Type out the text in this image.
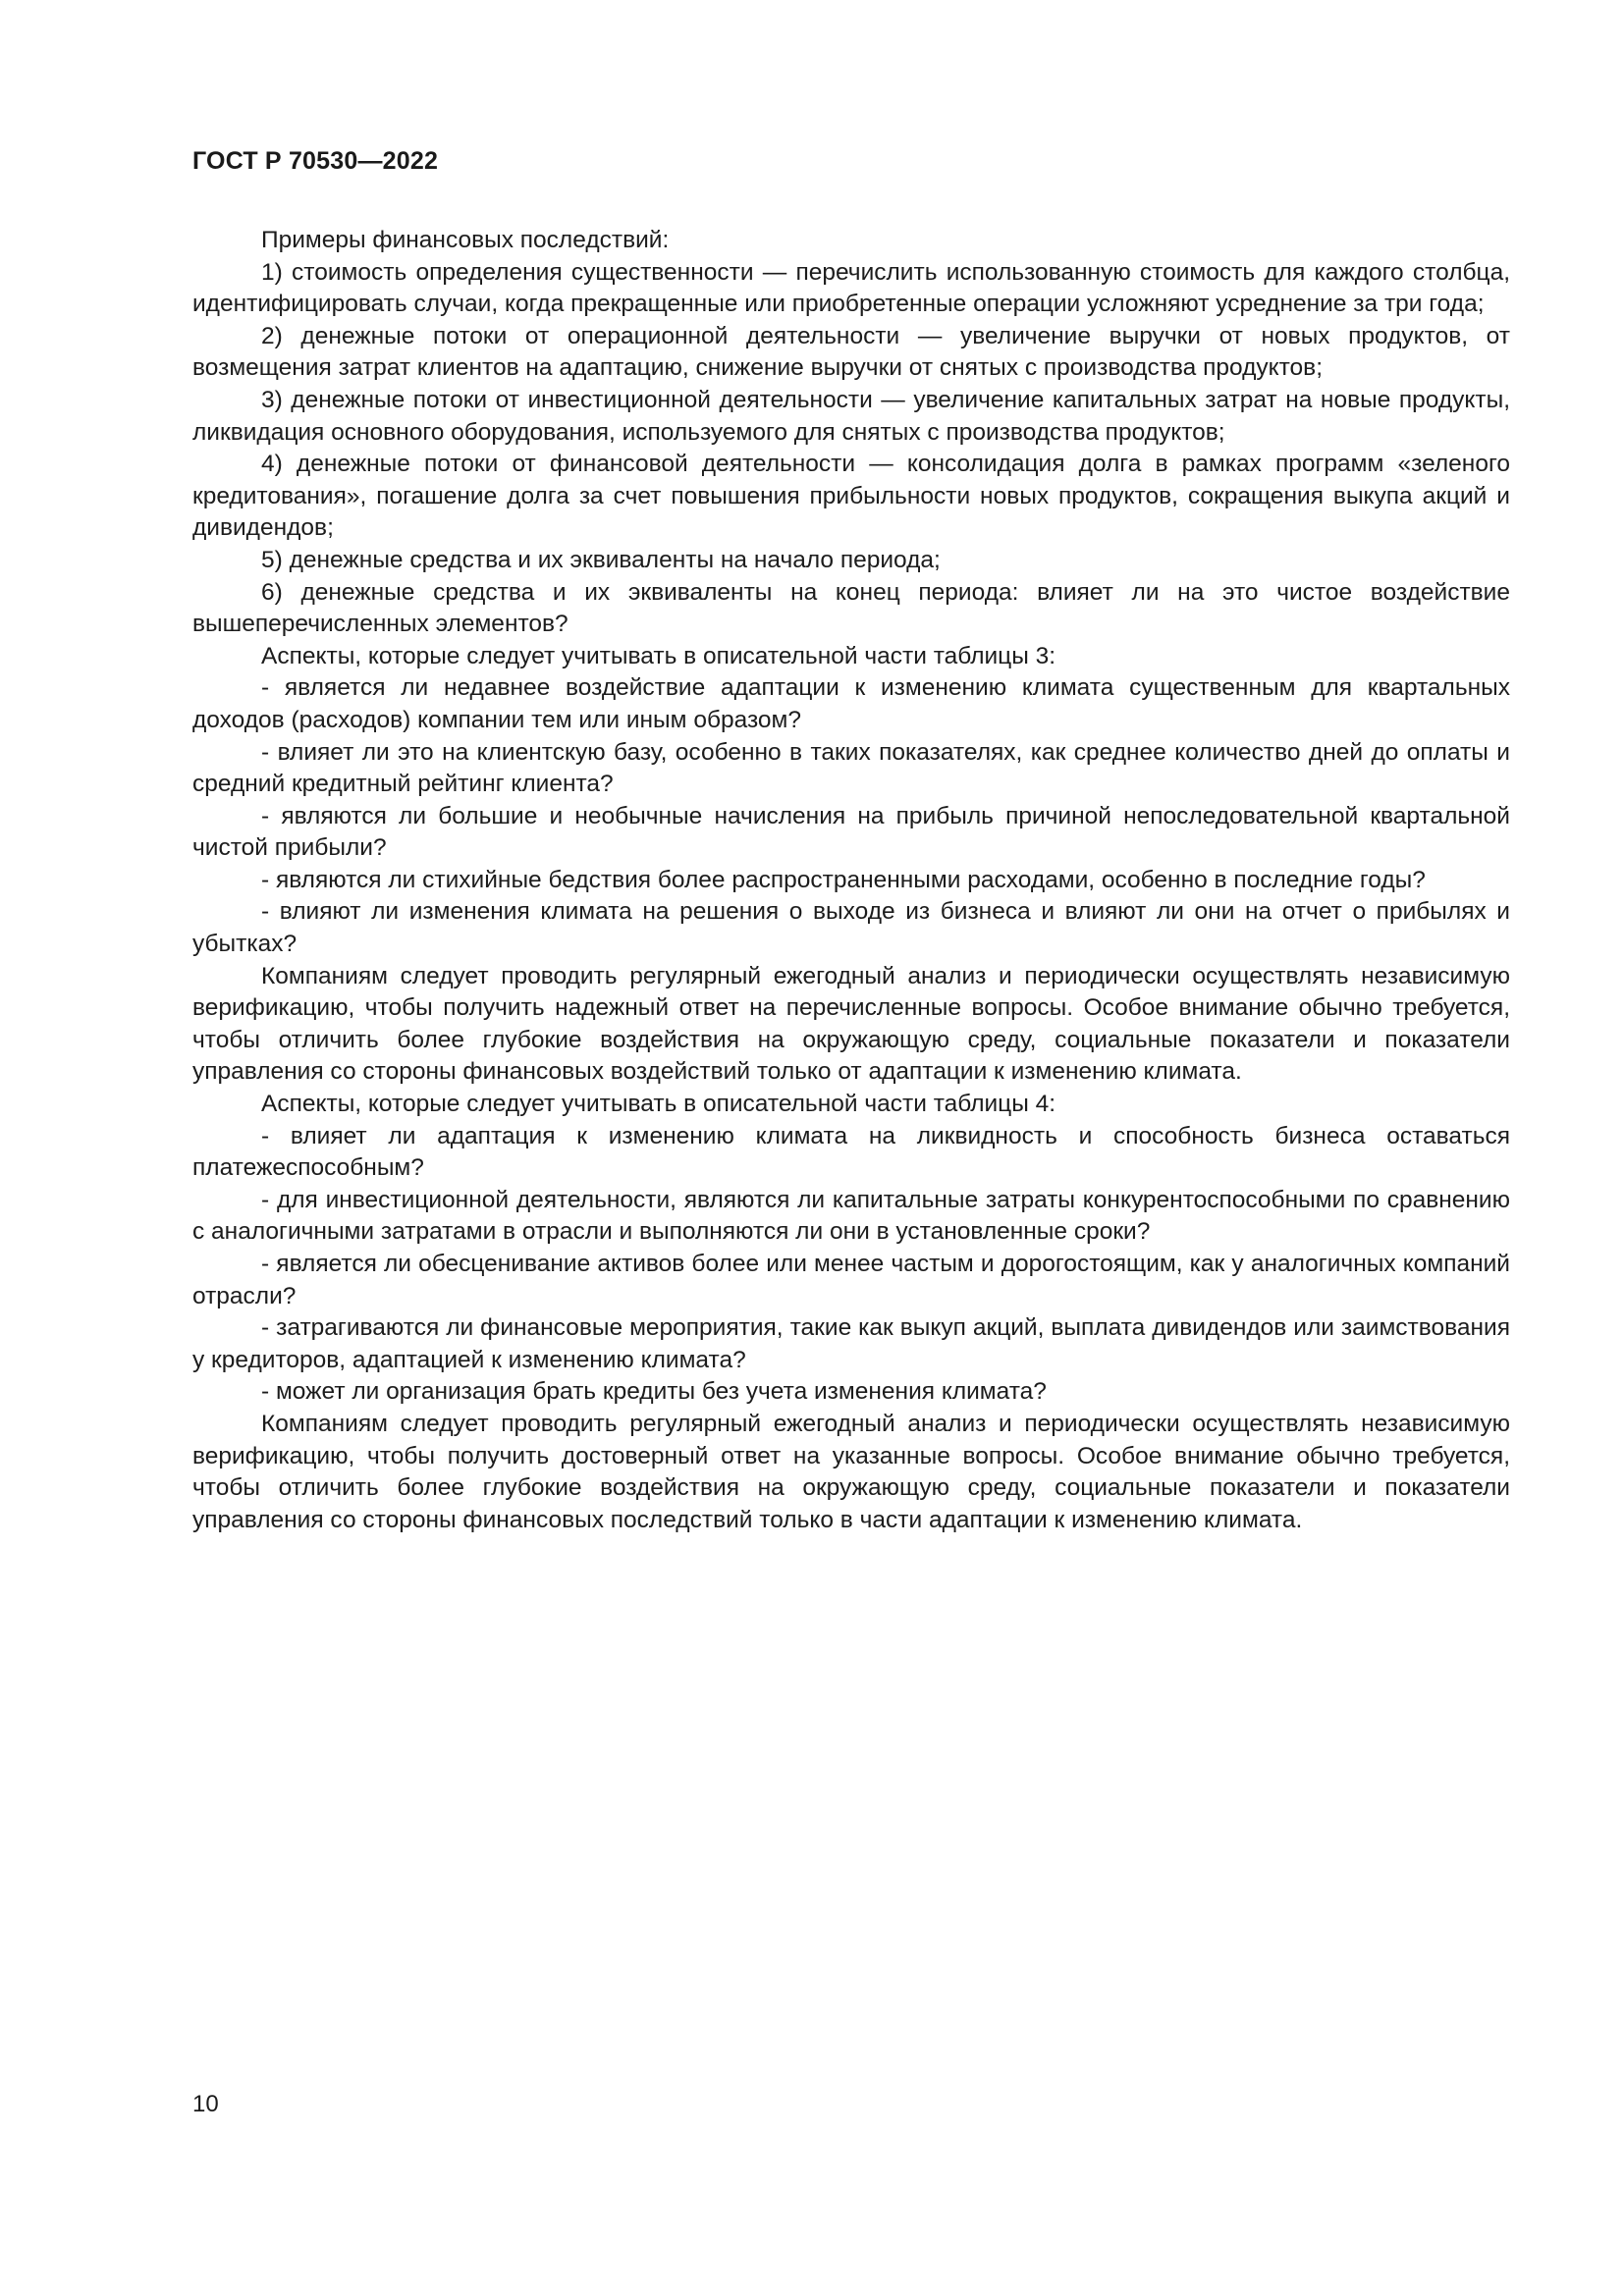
ГОСТ Р 70530—2022

Примеры финансовых последствий:

1) стоимость определения существенности — перечислить использованную стоимость для каждого столбца, идентифицировать случаи, когда прекращенные или приобретенные операции усложняют усреднение за три года;

2) денежные потоки от операционной деятельности — увеличение выручки от новых продуктов, от возмещения затрат клиентов на адаптацию, снижение выручки от снятых с производства продуктов;

3) денежные потоки от инвестиционной деятельности — увеличение капитальных затрат на новые продукты, ликвидация основного оборудования, используемого для снятых с производства продуктов;

4) денежные потоки от финансовой деятельности — консолидация долга в рамках программ «зеленого кредитования», погашение долга за счет повышения прибыльности новых продуктов, сокращения выкупа акций и дивидендов;

5) денежные средства и их эквиваленты на начало периода;

6) денежные средства и их эквиваленты на конец периода: влияет ли на это чистое воздействие вышеперечисленных элементов?

Аспекты, которые следует учитывать в описательной части таблицы 3:

- является ли недавнее воздействие адаптации к изменению климата существенным для квартальных доходов (расходов) компании тем или иным образом?

- влияет ли это на клиентскую базу, особенно в таких показателях, как среднее количество дней до оплаты и средний кредитный рейтинг клиента?

- являются ли большие и необычные начисления на прибыль причиной непоследовательной квартальной чистой прибыли?

- являются ли стихийные бедствия более распространенными расходами, особенно в последние годы?

- влияют ли изменения климата на решения о выходе из бизнеса и влияют ли они на отчет о прибылях и убытках?

Компаниям следует проводить регулярный ежегодный анализ и периодически осуществлять независимую верификацию, чтобы получить надежный ответ на перечисленные вопросы. Особое внимание обычно требуется, чтобы отличить более глубокие воздействия на окружающую среду, социальные показатели и показатели управления со стороны финансовых воздействий только от адаптации к изменению климата.

Аспекты, которые следует учитывать в описательной части таблицы 4:

- влияет ли адаптация к изменению климата на ликвидность и способность бизнеса оставаться платежеспособным?

- для инвестиционной деятельности, являются ли капитальные затраты конкурентоспособными по сравнению с аналогичными затратами в отрасли и выполняются ли они в установленные сроки?

- является ли обесценивание активов более или менее частым и дорогостоящим, как у аналогичных компаний отрасли?

- затрагиваются ли финансовые мероприятия, такие как выкуп акций, выплата дивидендов или заимствования у кредиторов, адаптацией к изменению климата?

- может ли организация брать кредиты без учета изменения климата?

Компаниям следует проводить регулярный ежегодный анализ и периодически осуществлять независимую верификацию, чтобы получить достоверный ответ на указанные вопросы. Особое внимание обычно требуется, чтобы отличить более глубокие воздействия на окружающую среду, социальные показатели и показатели управления со стороны финансовых последствий только в части адаптации к изменению климата.

10
